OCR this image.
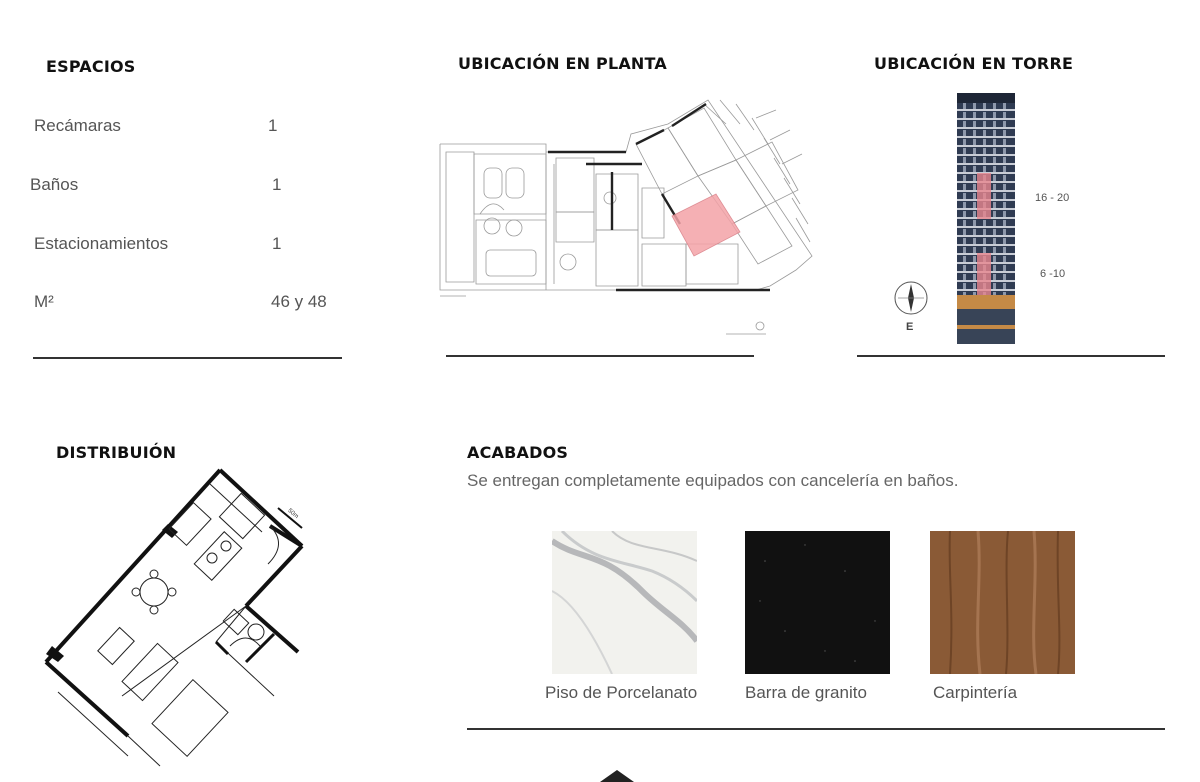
ESPACIOS
Recámaras	1
Baños	1
Estacionamientos	1
M²	46 y 48
UBICACIÓN EN PLANTA	UBICACIÓN EN TORRE
16 - 20
6 -10
E
DISTRIBUIÓN
50m
ACABADOS
Se entregan completamente equipados con cancelería en baños.
Piso de Porcelanato	Barra de granito	Carpintería
